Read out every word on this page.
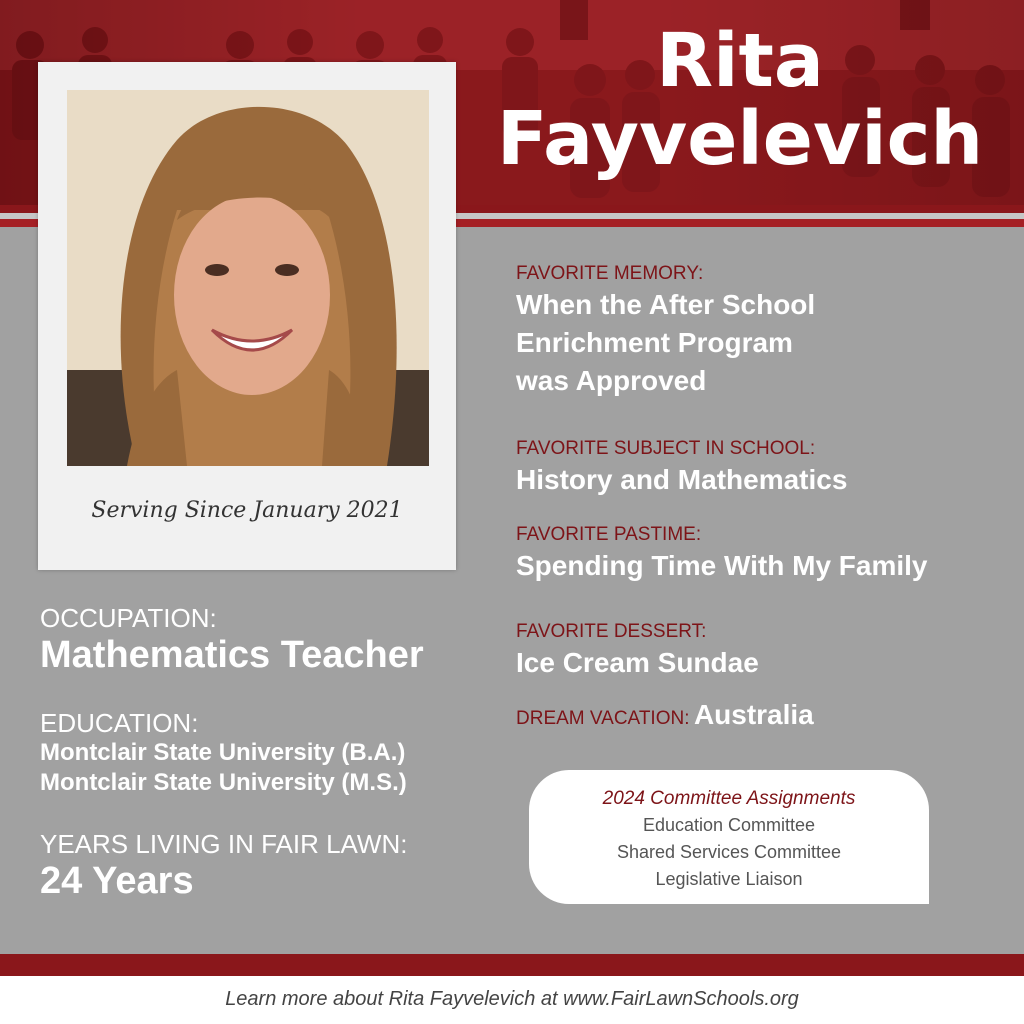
Rita
Fayvelevich
Serving Since January 2021
OCCUPATION:
Mathematics Teacher
EDUCATION:
Montclair State University (B.A.)
Montclair State University (M.S.)
YEARS LIVING IN FAIR LAWN:
24 Years
FAVORITE MEMORY:
When the After School
Enrichment Program
was Approved
FAVORITE SUBJECT IN SCHOOL:
History and Mathematics
FAVORITE PASTIME:
Spending Time With My Family
FAVORITE DESSERT:
Ice Cream Sundae
DREAM VACATION: Australia
2024 Committee Assignments
Education Committee
Shared Services Committee
Legislative Liaison
Learn more about Rita Fayvelevich at www.FairLawnSchools.org
